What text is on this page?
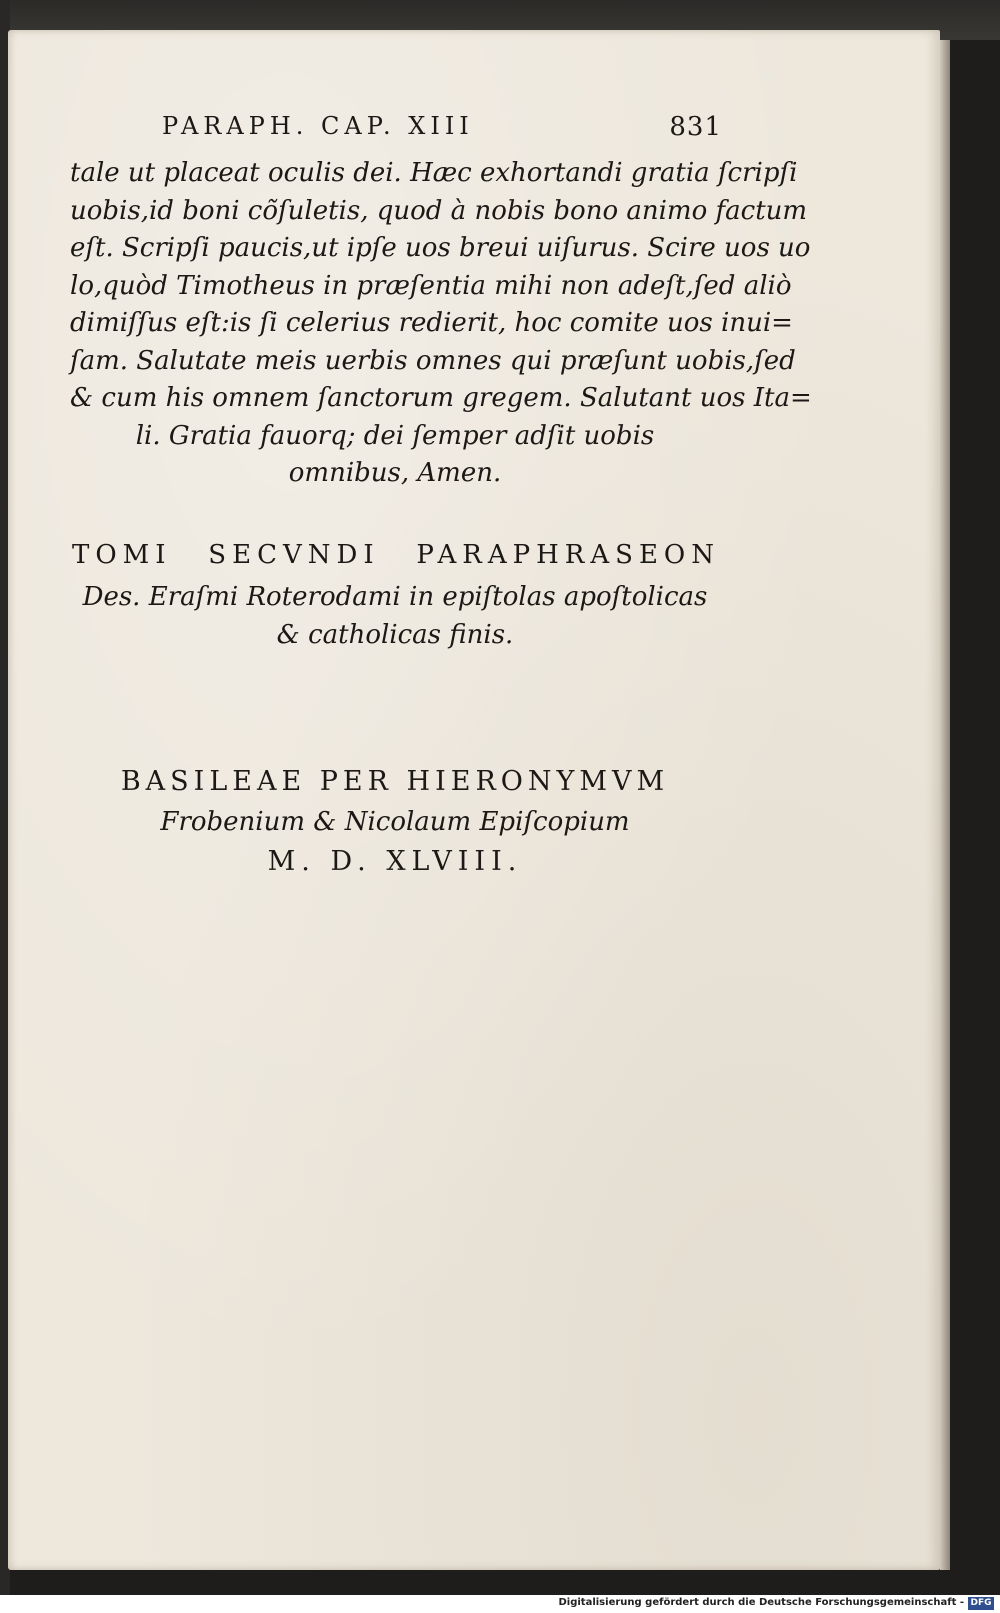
PARAPH. CAP. XIII	831
tale ut placeat oculis dei. Hæc exhortandi gratia ſcripſi
uobis,id boni cõſuletis, quod à nobis bono animo factum
eſt. Scripſi paucis,ut ipſe uos breui uiſurus. Scire uos uo
lo,quòd Timotheus in præſentia mihi non adeſt,ſed aliò
dimiſſus eſt:is ſi celerius redierit, hoc comite uos inui=
ſam. Salutate meis uerbis omnes qui præſunt uobis,ſed
& cum his omnem ſanctorum gregem. Salutant uos Ita=
li. Gratia fauorq; dei ſemper adſit uobis
omnibus, Amen.
TOMI SECVNDI PARAPHRASEON
Des. Eraſmi Roterodami in epiſtolas apoſtolicas
& catholicas finis.
BASILEAE PER HIERONYMVM
Frobenium & Nicolaum Epiſcopium
M. D. XLVIII.
Digitalisierung gefördert durch die Deutsche Forschungsgemeinschaft - DFG
